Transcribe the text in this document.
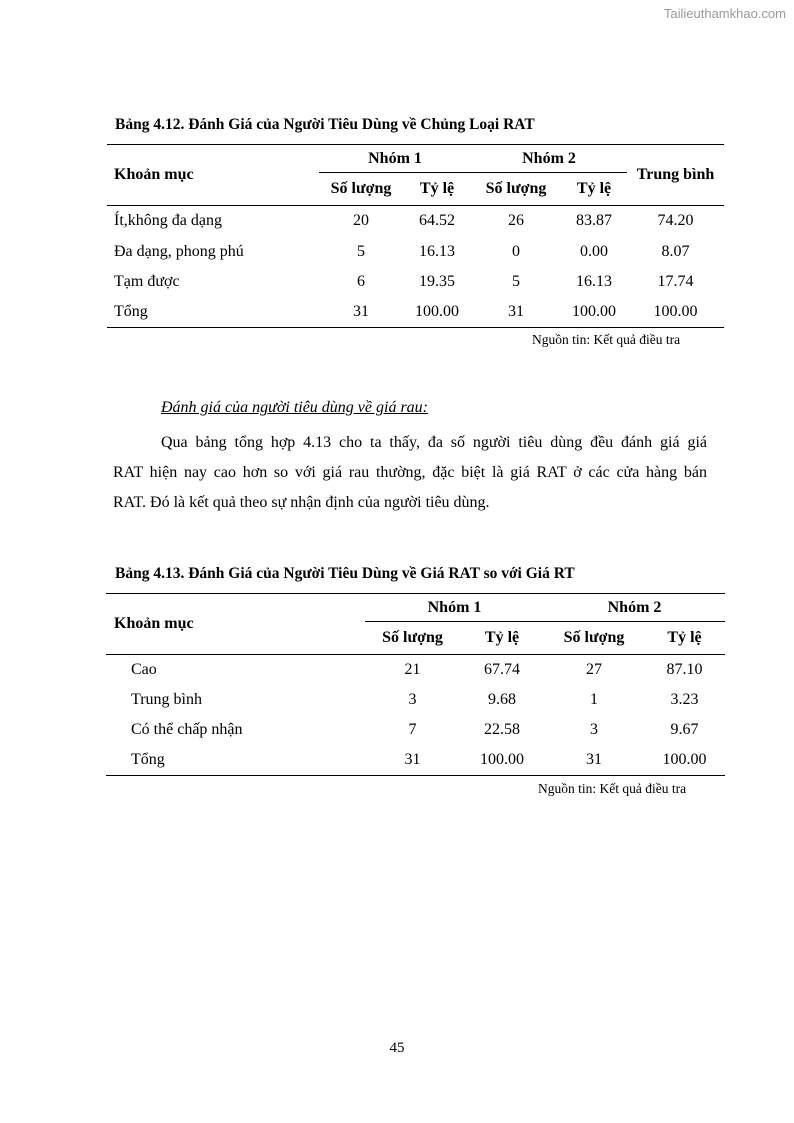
Tailieuthamkhao.com
Bảng 4.12. Đánh Giá của Người Tiêu Dùng về Chủng Loại RAT
Khoản mục	Nhóm 1		Nhóm 2		Trung bình
	Số lượng	Tỷ lệ	Số lượng	Tỷ lệ	
Ít,không đa dạng	20	64.52	26	83.87	74.20
Đa dạng, phong phú	5	16.13	0	0.00	8.07
Tạm được	6	19.35	5	16.13	17.74
Tổng	31	100.00	31	100.00	100.00
Nguồn tin: Kết quả điều tra
Đánh giá của người tiêu dùng về giá rau:
Qua bảng tổng hợp 4.13 cho ta thấy, đa số người tiêu dùng đều đánh giá giá
RAT hiện nay cao hơn so với giá rau thường, đặc biệt là giá RAT ở các cửa hàng bán
RAT. Đó là kết quả theo sự nhận định của người tiêu dùng.
Bảng 4.13. Đánh Giá của Người Tiêu Dùng về Giá RAT so với Giá RT
Khoản mục	Nhóm 1		Nhóm 2	
	Số lượng	Tỷ lệ	Số lượng	Tỷ lệ
Cao	21	67.74	27	87.10
Trung bình	3	9.68	1	3.23
Có thể chấp nhận	7	22.58	3	9.67
Tổng	31	100.00	31	100.00
Nguồn tin: Kết quả điều tra
45
